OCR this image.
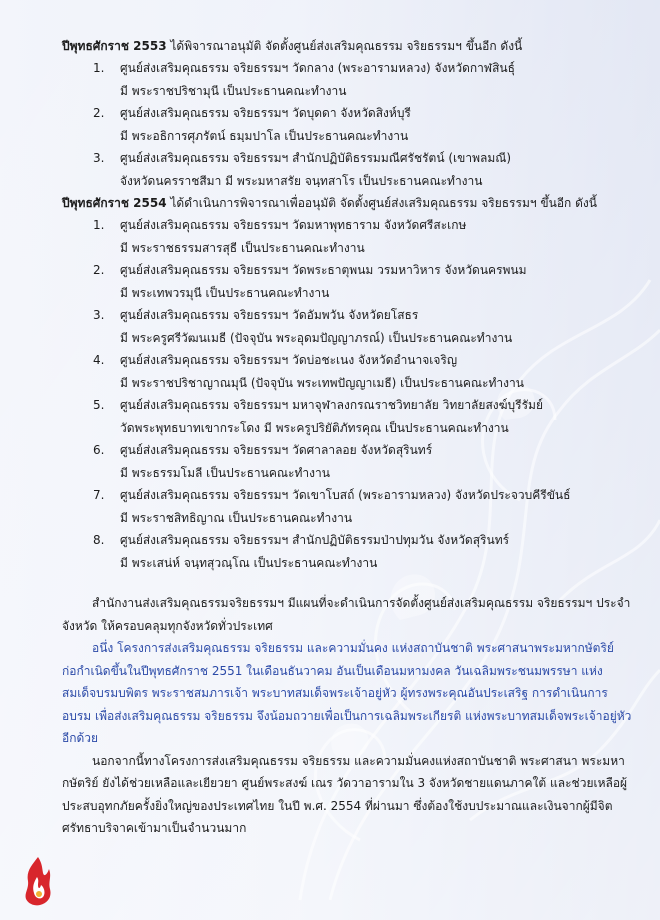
ปีพุทธศักราช 2553 ได้พิจารณาอนุมัติ จัดตั้งศูนย์ส่งเสริมคุณธรรม จริยธรรมฯ ขึ้นอีก ดังนี้

1. ศูนย์ส่งเสริมคุณธรรม จริยธรรมฯ วัดกลาง (พระอารามหลวง) จังหวัดกาฬสินธุ์
มี พระราชปริชามุนี เป็นประธานคณะทำงาน
2. ศูนย์ส่งเสริมคุณธรรม จริยธรรมฯ วัดบุดดา จังหวัดสิงห์บุรี
มี พระอธิการศุภรัตน์ ธมฺมปาโล เป็นประธานคณะทำงาน
3. ศูนย์ส่งเสริมคุณธรรม จริยธรรมฯ สำนักปฏิบัติธรรมมณีศรัชรัตน์ (เขาพลมณี)
จังหวัดนครราชสีมา มี พระมหาสรัย จนฺทสาโร เป็นประธานคณะทำงาน

ปีพุทธศักราช 2554 ได้ดำเนินการพิจารณาเพื่ออนุมัติ จัดตั้งศูนย์ส่งเสริมคุณธรรม จริยธรรมฯ ขึ้นอีก ดังนี้

1. ศูนย์ส่งเสริมคุณธรรม จริยธรรมฯ วัดมหาพุทธาราม จังหวัดศรีสะเกษ
มี พระราชธรรมสารสุธี เป็นประธานคณะทำงาน
2. ศูนย์ส่งเสริมคุณธรรม จริยธรรมฯ วัดพระธาตุพนม วรมหาวิหาร จังหวัดนครพนม
มี พระเทพวรมุนี เป็นประธานคณะทำงาน
3. ศูนย์ส่งเสริมคุณธรรม จริยธรรมฯ วัดอัมพวัน จังหวัดยโสธร
มี พระครูศรีวัฒนเมธี (ปัจจุบัน พระอุดมปัญญาภรณ์) เป็นประธานคณะทำงาน
4. ศูนย์ส่งเสริมคุณธรรม จริยธรรมฯ วัดบ่อชะเนง จังหวัดอำนาจเจริญ
มี พระราชปริชาญาณมุนี (ปัจจุบัน พระเทพปัญญาเมธี) เป็นประธานคณะทำงาน
5. ศูนย์ส่งเสริมคุณธรรม จริยธรรมฯ มหาจุฬาลงกรณราชวิทยาลัย วิทยาลัยสงฆ์บุรีรัมย์
วัดพระพุทธบาทเขากระโดง มี พระครูปริยัติภัทรคุณ เป็นประธานคณะทำงาน
6. ศูนย์ส่งเสริมคุณธรรม จริยธรรมฯ วัดศาลาลอย จังหวัดสุรินทร์
มี พระธรรมโมลี เป็นประธานคณะทำงาน
7. ศูนย์ส่งเสริมคุณธรรม จริยธรรมฯ วัดเขาโบสถ์ (พระอารามหลวง) จังหวัดประจวบคีรีขันธ์
มี พระราชสิทธิญาณ เป็นประธานคณะทำงาน
8. ศูนย์ส่งเสริมคุณธรรม จริยธรรมฯ สำนักปฏิบัติธรรมป่าปทุมวัน จังหวัดสุรินทร์
มี พระเสน่ห์ จนฺทสุวณฺโณ เป็นประธานคณะทำงาน

สำนักงานส่งเสริมคุณธรรมจริยธรรมฯ มีแผนที่จะดำเนินการจัดตั้งศูนย์ส่งเสริมคุณธรรม จริยธรรมฯ ประจำจังหวัด ให้ครอบคลุมทุกจังหวัดทั่วประเทศ

อนึ่ง โครงการส่งเสริมคุณธรรม จริยธรรม และความมั่นคง แห่งสถาบันชาติ พระศาสนาพระมหากษัตริย์ ก่อกำเนิดขึ้นในปีพุทธศักราช 2551 ในเดือนธันวาคม อันเป็นเดือนมหามงคล วันเฉลิมพระชนมพรรษา แห่งสมเด็จบรมบพิตร พระราชสมภารเจ้า พระบาทสมเด็จพระเจ้าอยู่หัว ผู้ทรงพระคุณอันประเสริฐ การดำเนินการอบรม เพื่อส่งเสริมคุณธรรม จริยธรรม จึงน้อมถวายเพื่อเป็นการเฉลิมพระเกียรติ แห่งพระบาทสมเด็จพระเจ้าอยู่หัว อีกด้วย

นอกจากนี้ทางโครงการส่งเสริมคุณธรรม จริยธรรม และความมั่นคงแห่งสถาบันชาติ พระศาสนา พระมหากษัตริย์ ยังได้ช่วยเหลือและเยียวยา ศูนย์พระสงฆ์ เณร วัดวาอารามใน 3 จังหวัดชายแดนภาคใต้ และช่วยเหลือผู้ประสบอุทกภัยครั้งยิ่งใหญ่ของประเทศไทย ในปี พ.ศ. 2554 ที่ผ่านมา ซึ่งต้องใช้งบประมาณและเงินจากผู้มีจิตศรัทธาบริจาคเข้ามาเป็นจำนวนมาก
